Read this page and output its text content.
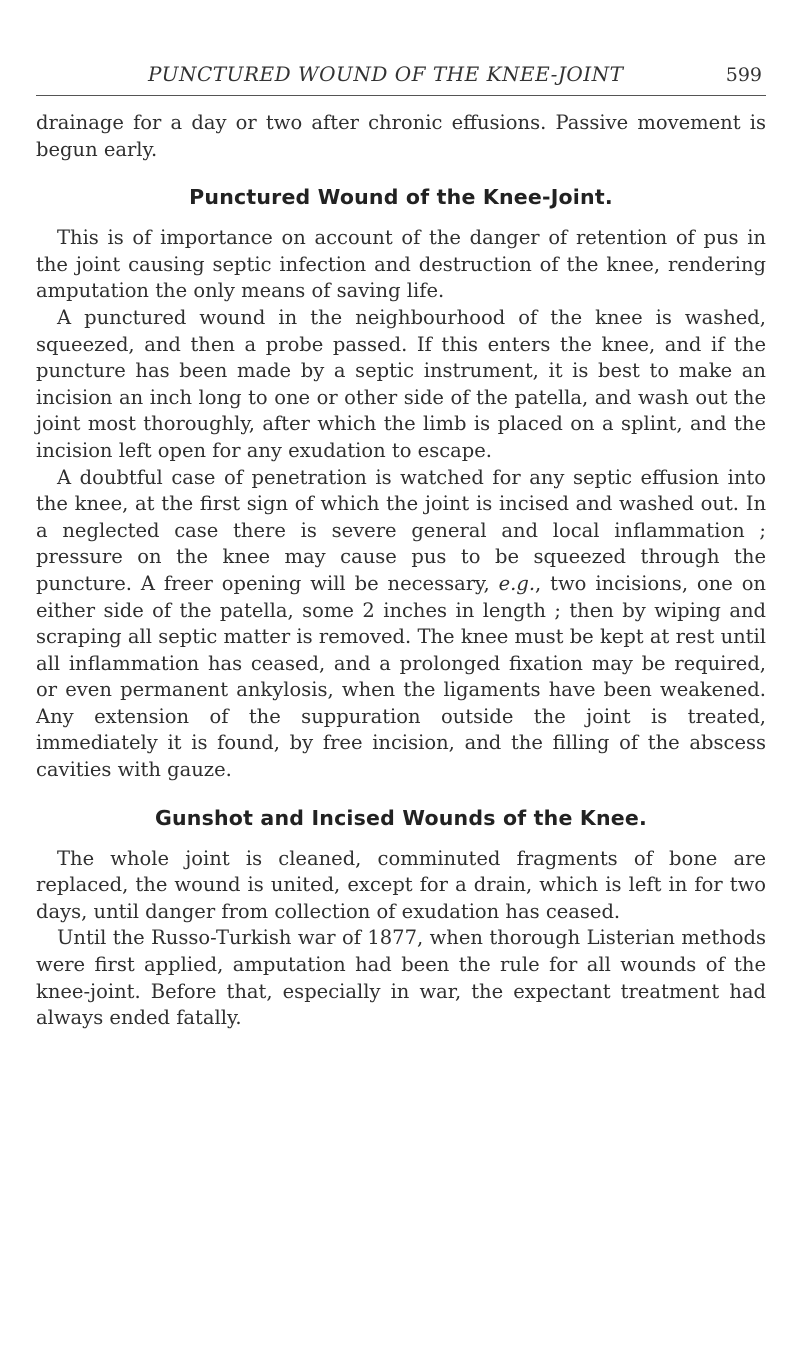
PUNCTURED WOUND OF THE KNEE-JOINT	599

drainage for a day or two after chronic effusions. Passive movement is begun early.

Punctured Wound of the Knee-Joint.

This is of importance on account of the danger of retention of pus in the joint causing septic infection and destruction of the knee, rendering amputation the only means of saving life.

A punctured wound in the neighbourhood of the knee is washed, squeezed, and then a probe passed. If this enters the knee, and if the puncture has been made by a septic instrument, it is best to make an incision an inch long to one or other side of the patella, and wash out the joint most thoroughly, after which the limb is placed on a splint, and the incision left open for any exudation to escape.

A doubtful case of penetration is watched for any septic effusion into the knee, at the first sign of which the joint is incised and washed out. In a neglected case there is severe general and local inflammation ; pressure on the knee may cause pus to be squeezed through the puncture. A freer opening will be necessary, e.g., two incisions, one on either side of the patella, some 2 inches in length ; then by wiping and scraping all septic matter is removed. The knee must be kept at rest until all inflammation has ceased, and a prolonged fixation may be required, or even permanent ankylosis, when the ligaments have been weakened. Any extension of the suppuration outside the joint is treated, immediately it is found, by free incision, and the filling of the abscess cavities with gauze.

Gunshot and Incised Wounds of the Knee.

The whole joint is cleaned, comminuted fragments of bone are replaced, the wound is united, except for a drain, which is left in for two days, until danger from collection of exudation has ceased.

Until the Russo-Turkish war of 1877, when thorough Listerian methods were first applied, amputation had been the rule for all wounds of the knee-joint. Before that, especially in war, the expectant treatment had always ended fatally.
